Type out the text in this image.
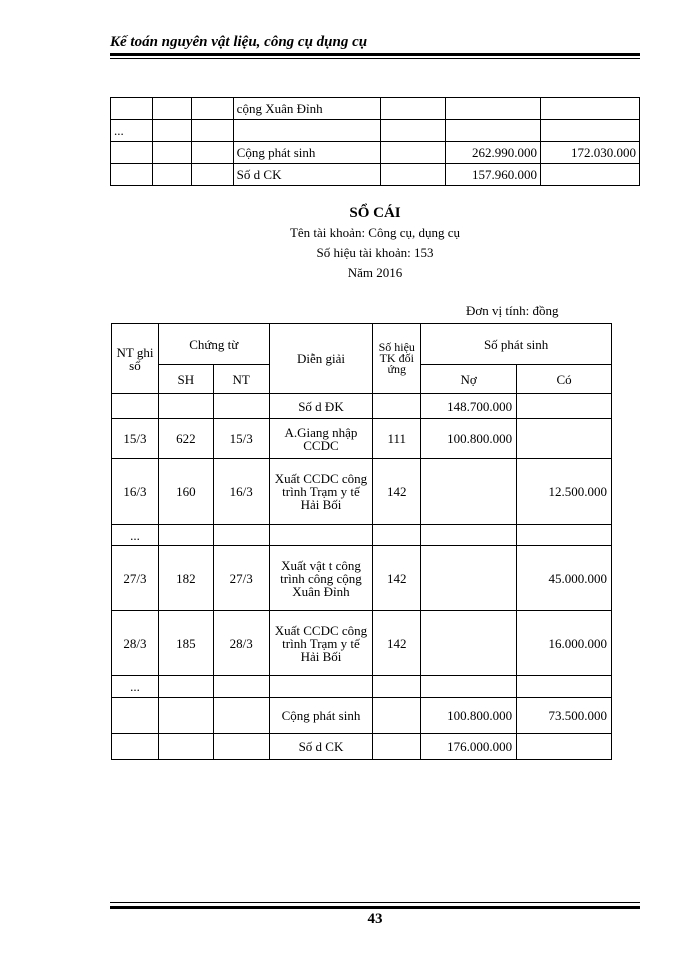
Kế toán nguyên vật liệu, công cụ dụng cụ
			cộng Xuân Đỉnh			
...						
			Cộng phát sinh		262.990.000	172.030.000
			Số d CK		157.960.000	
SỔ CÁI
Tên tài khoản: Công cụ, dụng cụ
Số hiệu tài khoản: 153
Năm 2016
Đơn vị tính: đồng
NT ghi sổ	Chứng từ		Diễn giải	Số hiệu TK đối ứng	Số phát sinh	
	SH	NT			Nợ	Có
			Số d ĐK		148.700.000	
15/3	622	15/3	A.Giang nhập CCDC	111	100.800.000	
16/3	160	16/3	Xuất CCDC công trình Trạm y tế Hải Bối	142		12.500.000
...						
27/3	182	27/3	Xuất vật t công trình công cộng Xuân Đỉnh	142		45.000.000
28/3	185	28/3	Xuất CCDC công trình Trạm y tế Hải Bối	142		16.000.000
...						
			Cộng phát sinh		100.800.000	73.500.000
			Số d CK		176.000.000	
43
